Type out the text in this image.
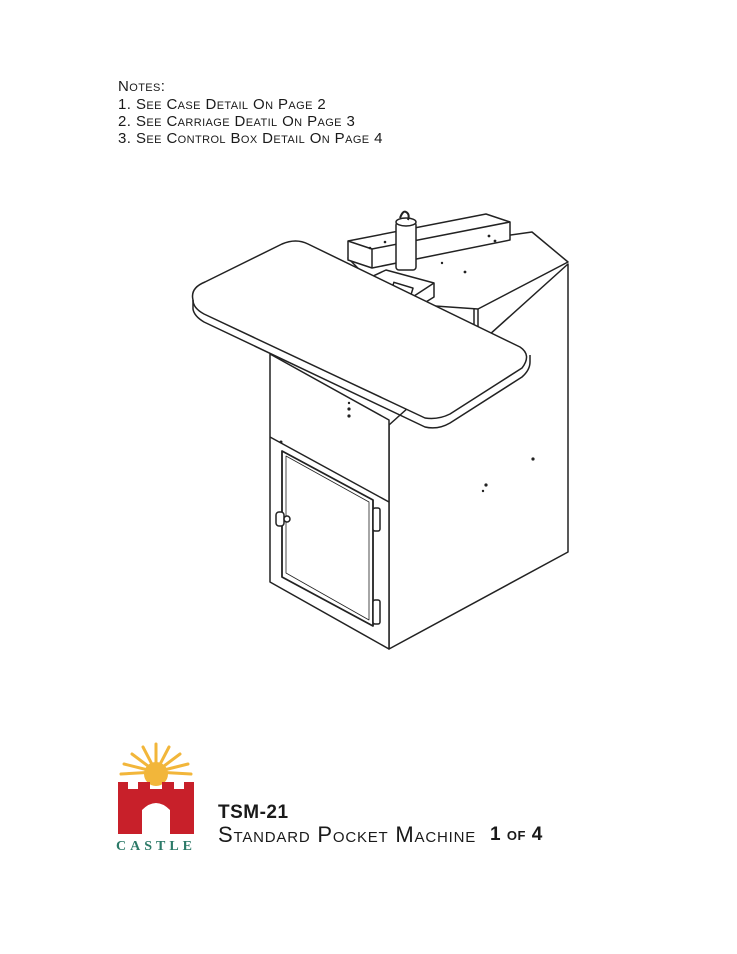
Notes:
1. See Case Detail On Page 2
2. See Carriage Deatil On Page 3
3. See Control Box Detail On Page 4
CASTLE
TSM-21
Standard Pocket Machine 1 of 4
